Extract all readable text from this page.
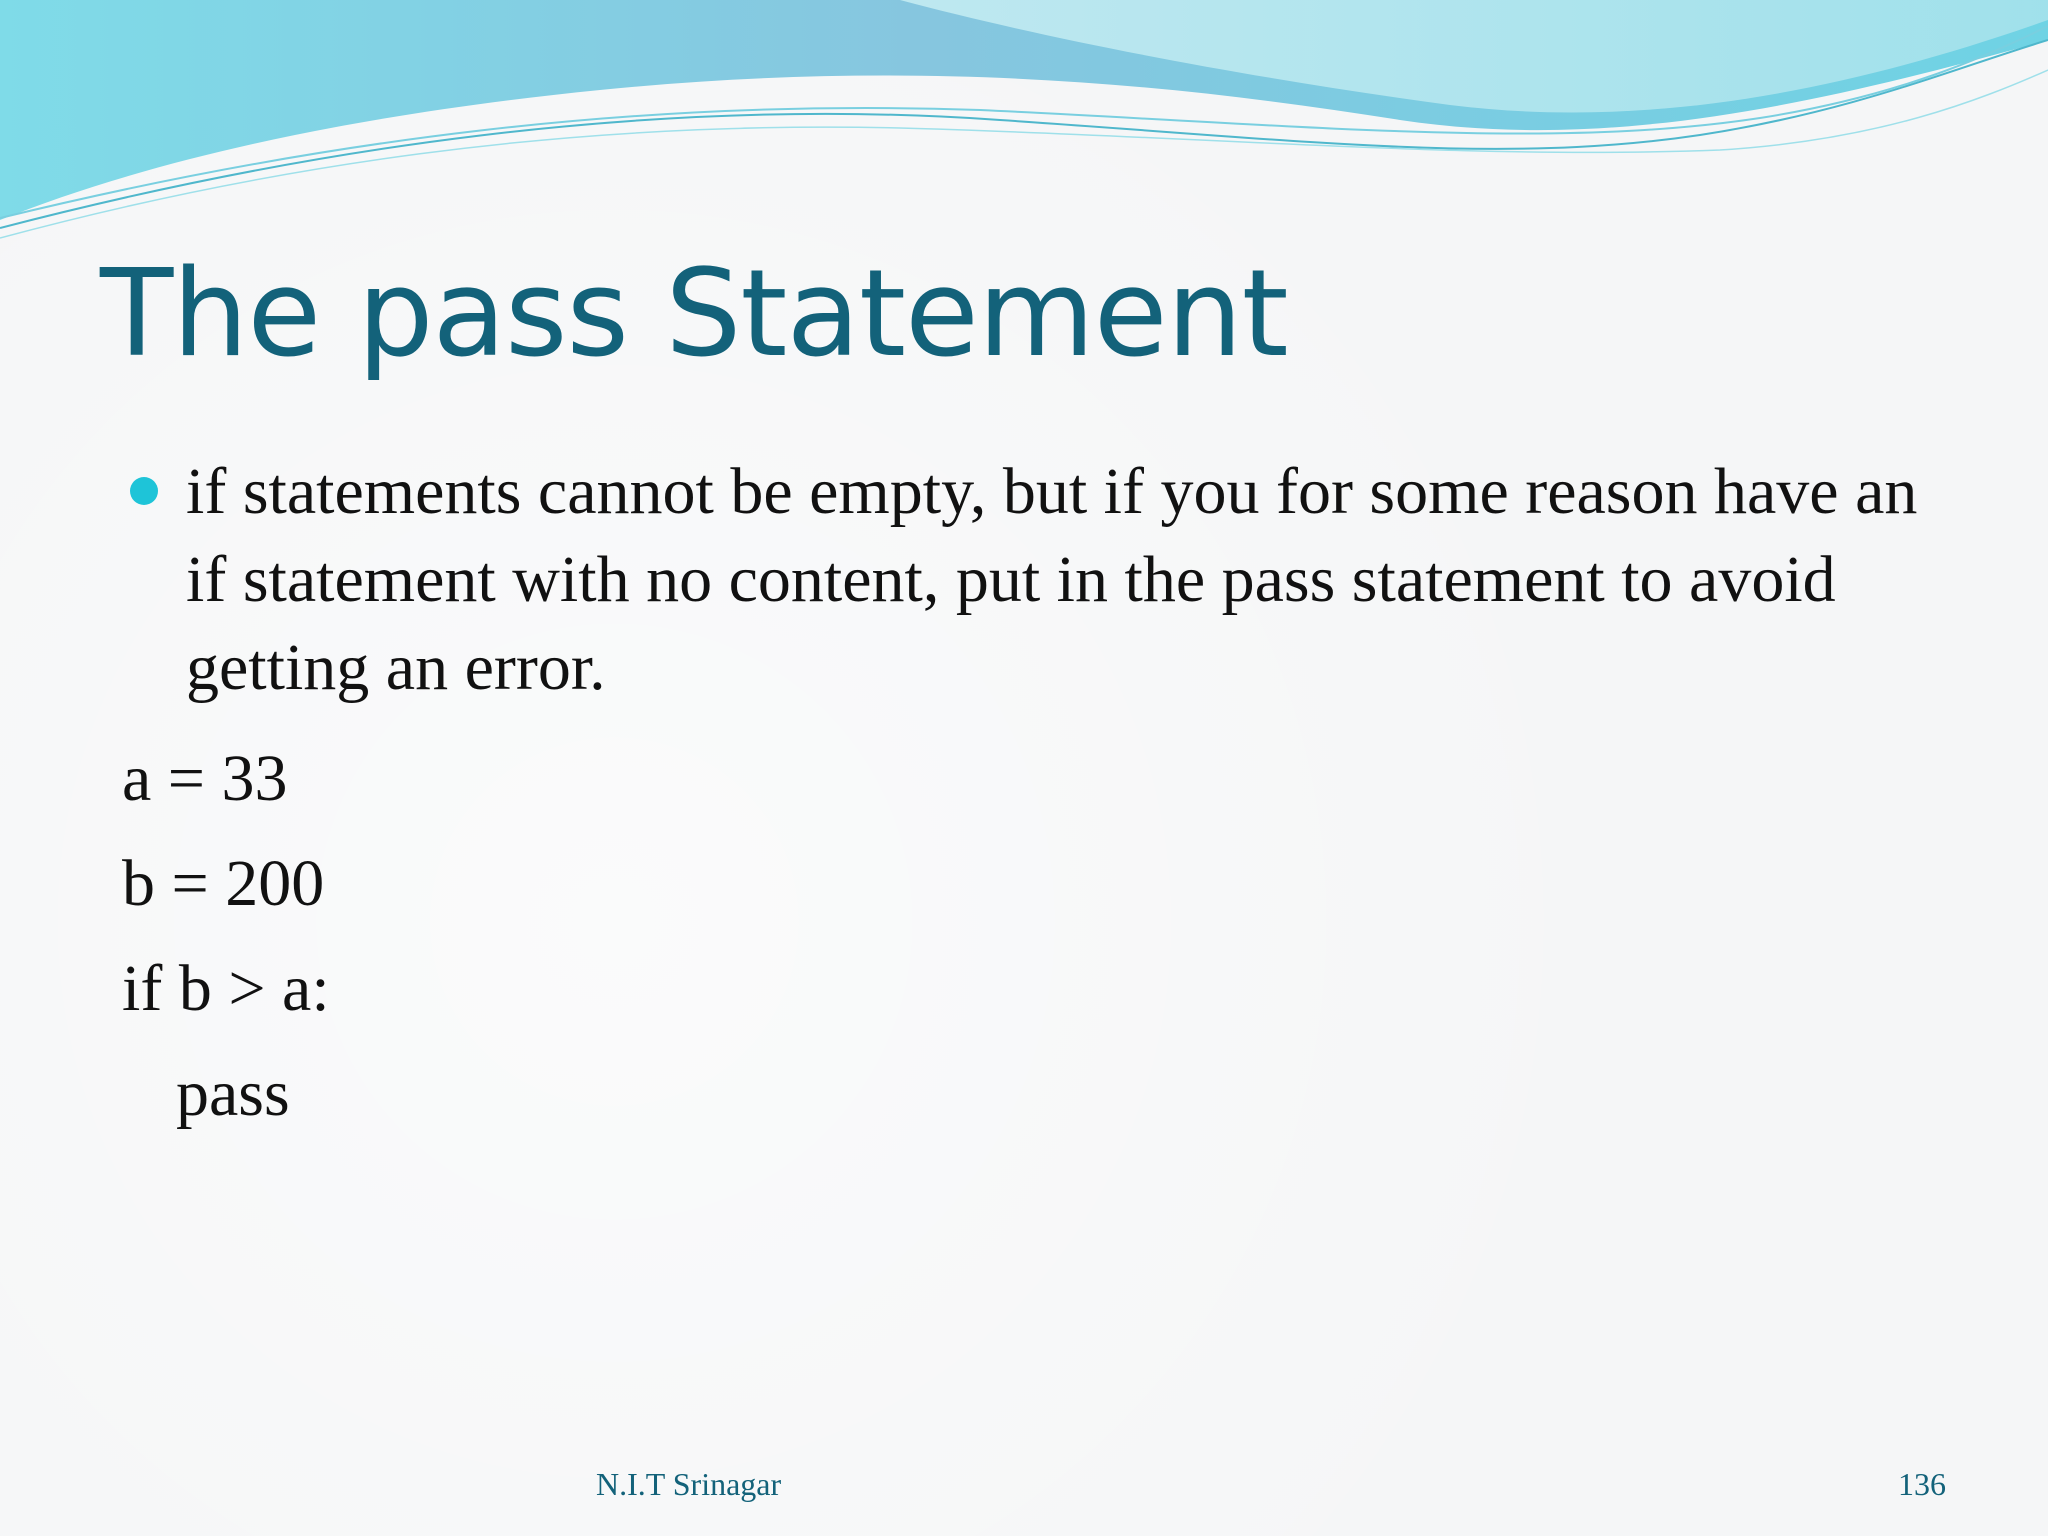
The pass Statement
if statements cannot be empty, but if you for some reason have an if statement with no content, put in the pass statement to avoid getting an error.
a = 33
b = 200
if b > a:
pass
N.I.T Srinagar	136
